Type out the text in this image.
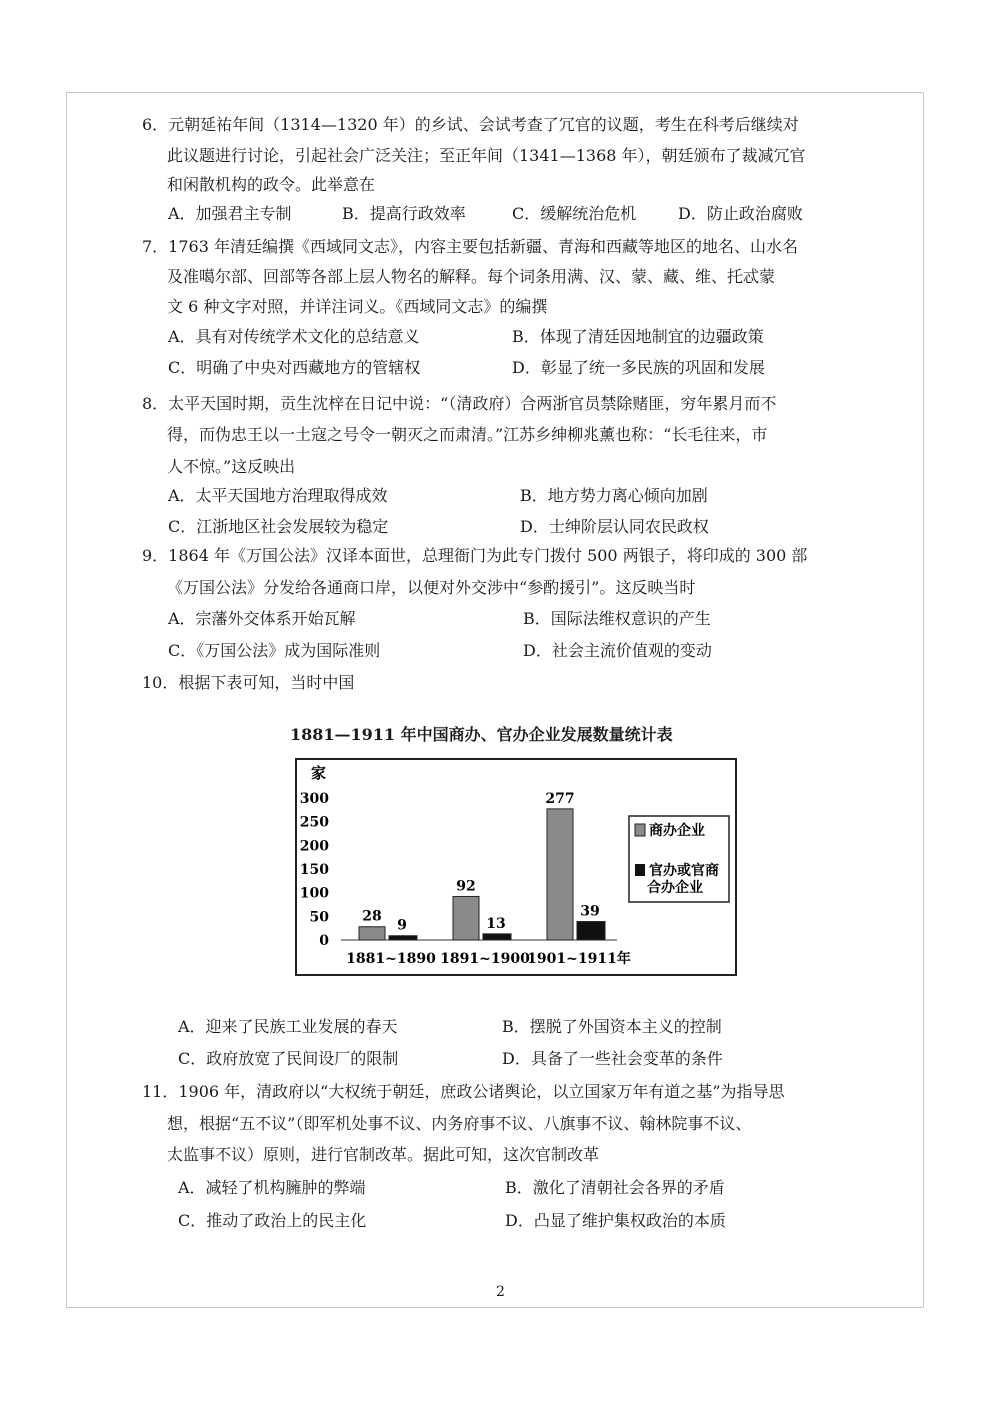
6．元朝延祐年间（1314—1320 年）的乡试、会试考查了冗官的议题，考生在科考后继续对
此议题进行讨论，引起社会广泛关注；至正年间（1341—1368 年），朝廷颁布了裁减冗官
和闲散机构的政令。此举意在
A．加强君主专制	B．提高行政效率	C．缓解统治危机	D．防止政治腐败
7．1763 年清廷编撰《西域同文志》，内容主要包括新疆、青海和西藏等地区的地名、山水名
及准噶尔部、回部等各部上层人物名的解释。每个词条用满、汉、蒙、藏、维、托忒蒙
文 6 种文字对照，并详注词义。《西域同文志》的编撰
A．具有对传统学术文化的总结意义	B．体现了清廷因地制宜的边疆政策
C．明确了中央对西藏地方的管辖权	D．彰显了统一多民族的巩固和发展
8．太平天国时期，贡生沈梓在日记中说：“（清政府）合两浙官员禁除赌匪，穷年累月而不
得，而伪忠王以一土寇之号令一朝灭之而肃清。”江苏乡绅柳兆薰也称：“长毛往来，市
人不惊。”这反映出
A．太平天国地方治理取得成效	B．地方势力离心倾向加剧
C．江浙地区社会发展较为稳定	D．士绅阶层认同农民政权
9．1864 年《万国公法》汉译本面世，总理衙门为此专门拨付 500 两银子，将印成的 300 部
《万国公法》分发给各通商口岸，以便对外交涉中“参酌援引”。这反映当时
A．宗藩外交体系开始瓦解	B．国际法维权意识的产生
C．《万国公法》成为国际准则	D．社会主流价值观的变动
10．根据下表可知，当时中国
A．迎来了民族工业发展的春天	B．摆脱了外国资本主义的控制
C．政府放宽了民间设厂的限制	D．具备了一些社会变革的条件
11．1906 年，清政府以“大权统于朝廷，庶政公诸舆论，以立国家万年有道之基”为指导思
想，根据“五不议”（即军机处事不议、内务府事不议、八旗事不议、翰林院事不议、
太监事不议）原则，进行官制改革。据此可知，这次官制改革
A．减轻了机构臃肿的弊端	B．激化了清朝社会各界的矛盾
C．推动了政治上的民主化	D．凸显了维护集权政治的本质
1881—1911 年中国商办、官办企业发展数量统计表
家
0
50
100
150
200
250
300
28
9
1881~1890
92
13
1891~1900
277
39
1901~1911年
商办企业
官办或官商合办企业
2
